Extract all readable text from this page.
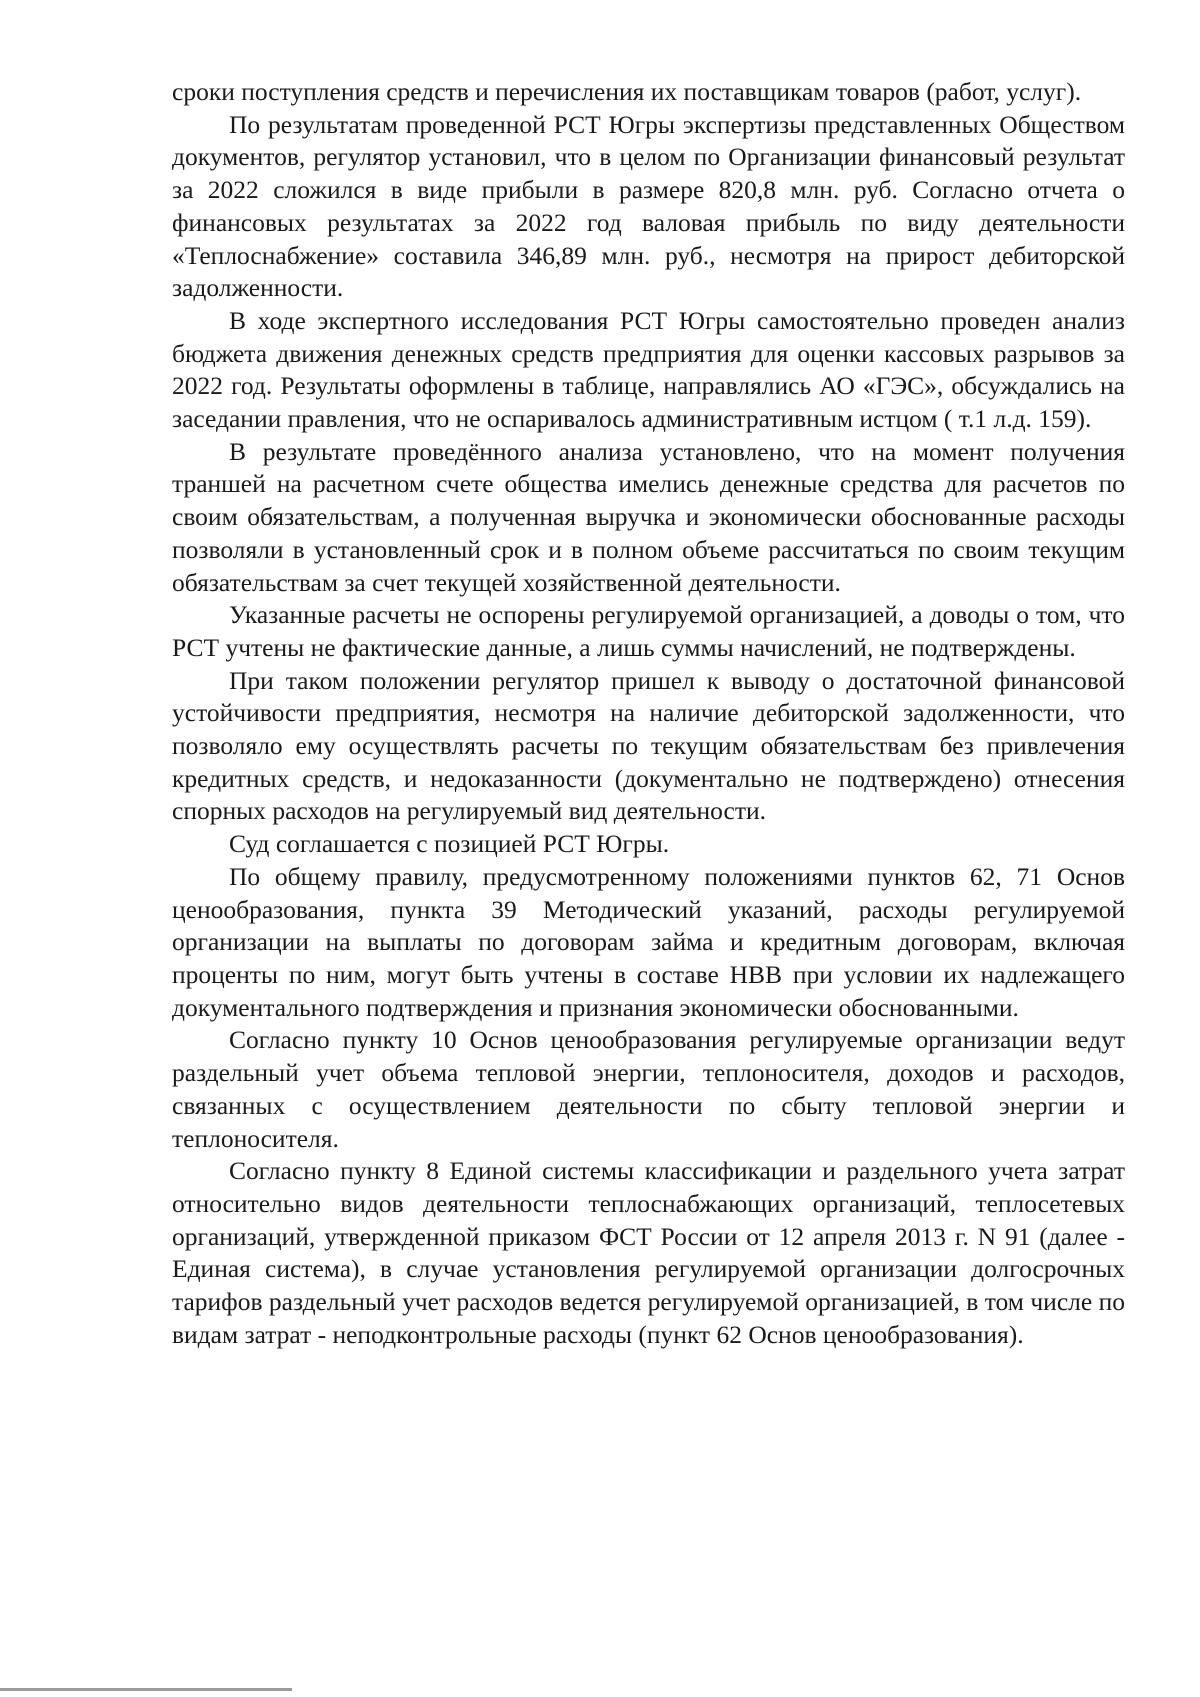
сроки поступления средств и перечисления их поставщикам товаров (работ, услуг).

По результатам проведенной РСТ Югры экспертизы представленных Обществом документов, регулятор установил, что в целом по Организации финансовый результат за 2022 сложился в виде прибыли в размере 820,8 млн. руб. Согласно отчета о финансовых результатах за 2022 год валовая прибыль по виду деятельности «Теплоснабжение» составила 346,89 млн. руб., несмотря на прирост дебиторской задолженности.

В ходе экспертного исследования РСТ Югры самостоятельно проведен анализ бюджета движения денежных средств предприятия для оценки кассовых разрывов за 2022 год. Результаты оформлены в таблице, направлялись АО «ГЭС», обсуждались на заседании правления, что не оспаривалось административным истцом ( т.1 л.д. 159).

В результате проведённого анализа установлено, что на момент получения траншей на расчетном счете общества имелись денежные средства для расчетов по своим обязательствам, а полученная выручка и экономически обоснованные расходы позволяли в установленный срок и в полном объеме рассчитаться по своим текущим обязательствам за счет текущей хозяйственной деятельности.

Указанные расчеты не оспорены регулируемой организацией, а доводы о том, что РСТ учтены не фактические данные, а лишь суммы начислений, не подтверждены.

При таком положении регулятор пришел к выводу о достаточной финансовой устойчивости предприятия, несмотря на наличие дебиторской задолженности, что позволяло ему осуществлять расчеты по текущим обязательствам без привлечения кредитных средств, и недоказанности (документально не подтверждено) отнесения спорных расходов на регулируемый вид деятельности.

Суд соглашается с позицией РСТ Югры.

По общему правилу, предусмотренному положениями пунктов 62, 71 Основ ценообразования, пункта 39 Методический указаний, расходы регулируемой организации на выплаты по договорам займа и кредитным договорам, включая проценты по ним, могут быть учтены в составе НВВ при условии их надлежащего документального подтверждения и признания экономически обоснованными.

Согласно пункту 10 Основ ценообразования регулируемые организации ведут раздельный учет объема тепловой энергии, теплоносителя, доходов и расходов, связанных с осуществлением деятельности по сбыту тепловой энергии и теплоносителя.

Согласно пункту 8 Единой системы классификации и раздельного учета затрат относительно видов деятельности теплоснабжающих организаций, теплосетевых организаций, утвержденной приказом ФСТ России от 12 апреля 2013 г. N 91 (далее - Единая система), в случае установления регулируемой организации долгосрочных тарифов раздельный учет расходов ведется регулируемой организацией, в том числе по видам затрат - неподконтрольные расходы (пункт 62 Основ ценообразования).
